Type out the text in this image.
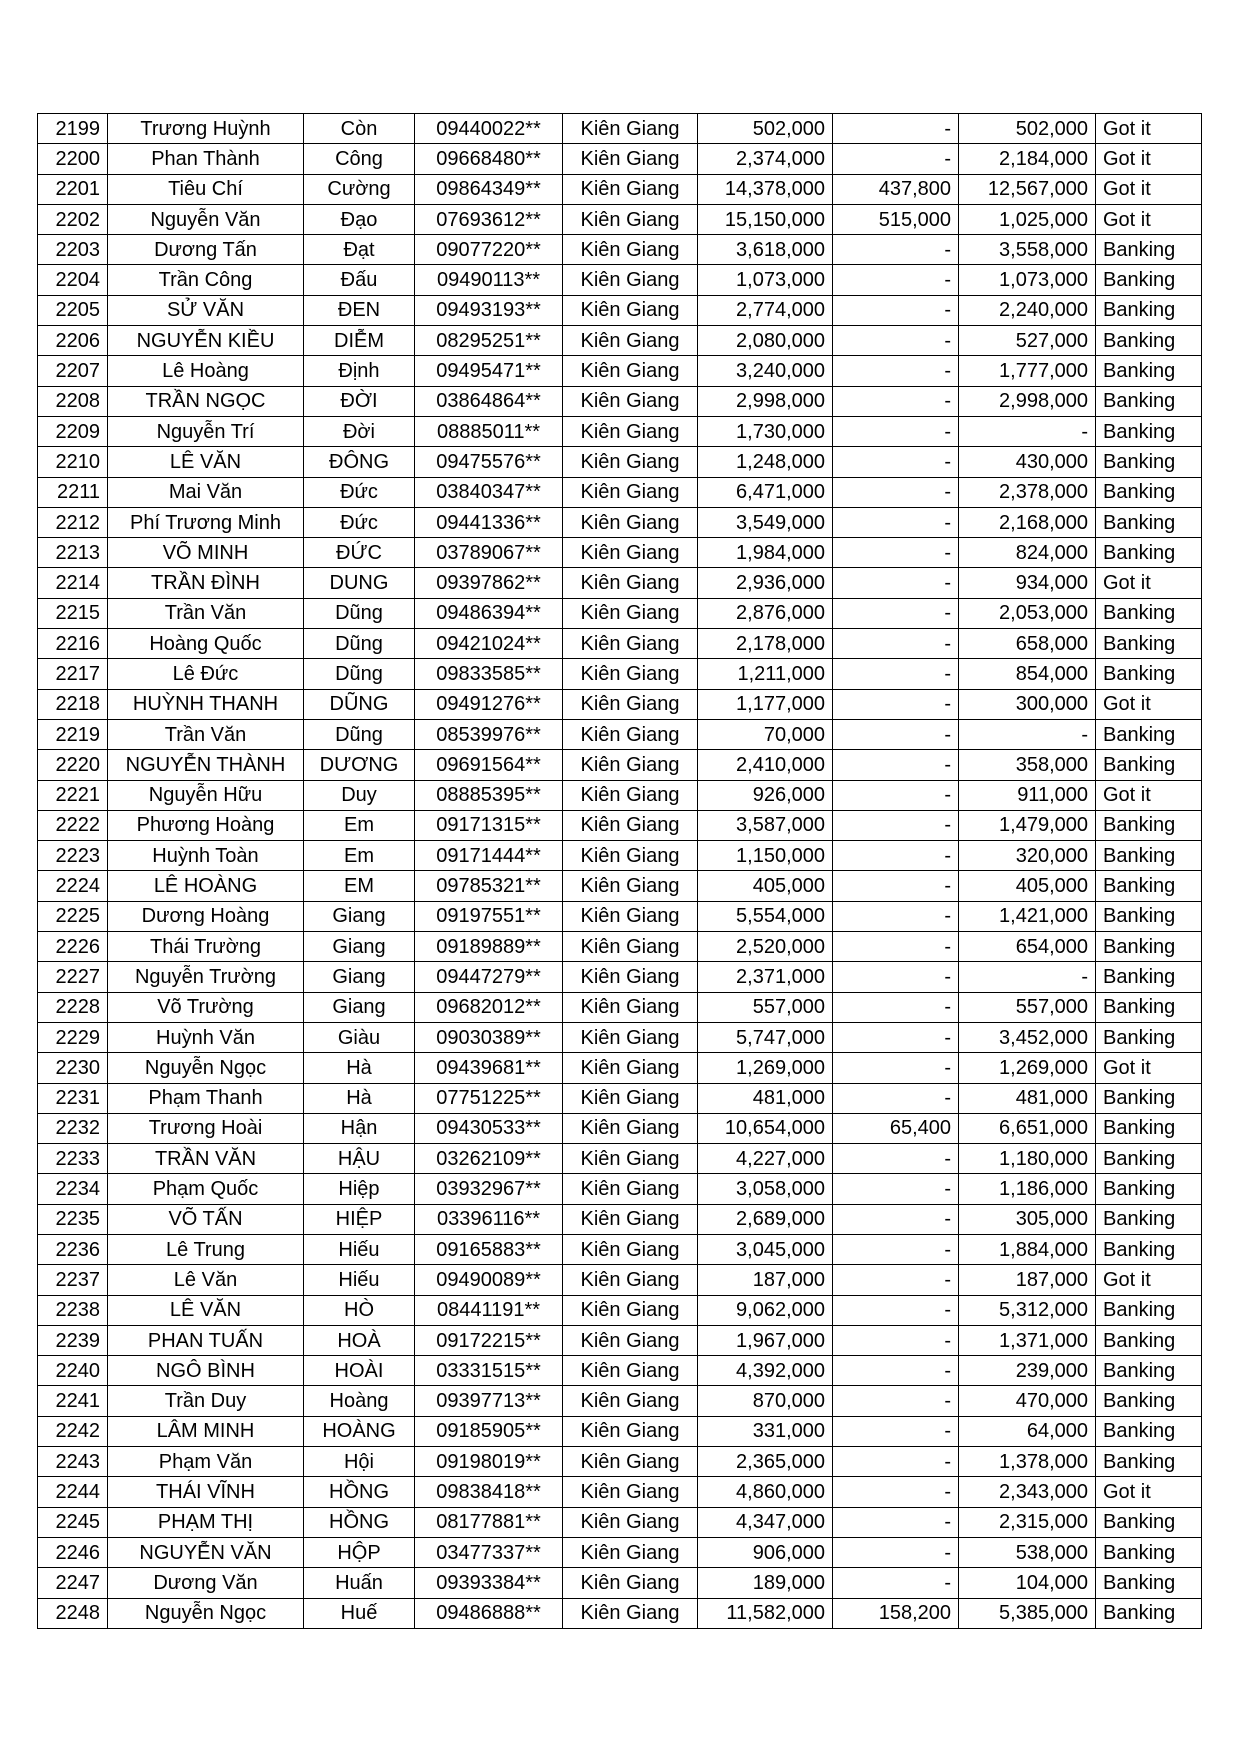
2199	Trương Huỳnh	Còn	09440022**	Kiên Giang	502,000	-	502,000	Got it
2200	Phan Thành	Công	09668480**	Kiên Giang	2,374,000	-	2,184,000	Got it
2201	Tiêu Chí	Cường	09864349**	Kiên Giang	14,378,000	437,800	12,567,000	Got it
2202	Nguyễn Văn	Đạo	07693612**	Kiên Giang	15,150,000	515,000	1,025,000	Got it
2203	Dương Tấn	Đạt	09077220**	Kiên Giang	3,618,000	-	3,558,000	Banking
2204	Trần Công	Đấu	09490113**	Kiên Giang	1,073,000	-	1,073,000	Banking
2205	SỬ VĂN	ĐEN	09493193**	Kiên Giang	2,774,000	-	2,240,000	Banking
2206	NGUYỄN KIỀU	DIỄM	08295251**	Kiên Giang	2,080,000	-	527,000	Banking
2207	Lê Hoàng	Định	09495471**	Kiên Giang	3,240,000	-	1,777,000	Banking
2208	TRẦN NGỌC	ĐỜI	03864864**	Kiên Giang	2,998,000	-	2,998,000	Banking
2209	Nguyễn Trí	Đời	08885011**	Kiên Giang	1,730,000	-	-	Banking
2210	LÊ VĂN	ĐÔNG	09475576**	Kiên Giang	1,248,000	-	430,000	Banking
2211	Mai Văn	Đức	03840347**	Kiên Giang	6,471,000	-	2,378,000	Banking
2212	Phí Trương Minh	Đức	09441336**	Kiên Giang	3,549,000	-	2,168,000	Banking
2213	VÕ MINH	ĐỨC	03789067**	Kiên Giang	1,984,000	-	824,000	Banking
2214	TRẦN ĐÌNH	DUNG	09397862**	Kiên Giang	2,936,000	-	934,000	Got it
2215	Trần Văn	Dũng	09486394**	Kiên Giang	2,876,000	-	2,053,000	Banking
2216	Hoàng Quốc	Dũng	09421024**	Kiên Giang	2,178,000	-	658,000	Banking
2217	Lê Đức	Dũng	09833585**	Kiên Giang	1,211,000	-	854,000	Banking
2218	HUỲNH THANH	DŨNG	09491276**	Kiên Giang	1,177,000	-	300,000	Got it
2219	Trần Văn	Dũng	08539976**	Kiên Giang	70,000	-	-	Banking
2220	NGUYỄN THÀNH	DƯƠNG	09691564**	Kiên Giang	2,410,000	-	358,000	Banking
2221	Nguyễn Hữu	Duy	08885395**	Kiên Giang	926,000	-	911,000	Got it
2222	Phương Hoàng	Em	09171315**	Kiên Giang	3,587,000	-	1,479,000	Banking
2223	Huỳnh Toàn	Em	09171444**	Kiên Giang	1,150,000	-	320,000	Banking
2224	LÊ HOÀNG	EM	09785321**	Kiên Giang	405,000	-	405,000	Banking
2225	Dương Hoàng	Giang	09197551**	Kiên Giang	5,554,000	-	1,421,000	Banking
2226	Thái Trường	Giang	09189889**	Kiên Giang	2,520,000	-	654,000	Banking
2227	Nguyễn Trường	Giang	09447279**	Kiên Giang	2,371,000	-	-	Banking
2228	Võ Trường	Giang	09682012**	Kiên Giang	557,000	-	557,000	Banking
2229	Huỳnh Văn	Giàu	09030389**	Kiên Giang	5,747,000	-	3,452,000	Banking
2230	Nguyễn Ngọc	Hà	09439681**	Kiên Giang	1,269,000	-	1,269,000	Got it
2231	Phạm Thanh	Hà	07751225**	Kiên Giang	481,000	-	481,000	Banking
2232	Trương Hoài	Hận	09430533**	Kiên Giang	10,654,000	65,400	6,651,000	Banking
2233	TRẦN VĂN	HẬU	03262109**	Kiên Giang	4,227,000	-	1,180,000	Banking
2234	Phạm Quốc	Hiệp	03932967**	Kiên Giang	3,058,000	-	1,186,000	Banking
2235	VÕ TẤN	HIỆP	03396116**	Kiên Giang	2,689,000	-	305,000	Banking
2236	Lê Trung	Hiếu	09165883**	Kiên Giang	3,045,000	-	1,884,000	Banking
2237	Lê Văn	Hiếu	09490089**	Kiên Giang	187,000	-	187,000	Got it
2238	LÊ VĂN	HÒ	08441191**	Kiên Giang	9,062,000	-	5,312,000	Banking
2239	PHAN TUẤN	HOÀ	09172215**	Kiên Giang	1,967,000	-	1,371,000	Banking
2240	NGÔ BÌNH	HOÀI	03331515**	Kiên Giang	4,392,000	-	239,000	Banking
2241	Trần Duy	Hoàng	09397713**	Kiên Giang	870,000	-	470,000	Banking
2242	LÂM MINH	HOÀNG	09185905**	Kiên Giang	331,000	-	64,000	Banking
2243	Phạm Văn	Hội	09198019**	Kiên Giang	2,365,000	-	1,378,000	Banking
2244	THÁI VĨNH	HỒNG	09838418**	Kiên Giang	4,860,000	-	2,343,000	Got it
2245	PHẠM THỊ	HỒNG	08177881**	Kiên Giang	4,347,000	-	2,315,000	Banking
2246	NGUYỄN VĂN	HỘP	03477337**	Kiên Giang	906,000	-	538,000	Banking
2247	Dương Văn	Huấn	09393384**	Kiên Giang	189,000	-	104,000	Banking
2248	Nguyễn Ngọc	Huế	09486888**	Kiên Giang	11,582,000	158,200	5,385,000	Banking
